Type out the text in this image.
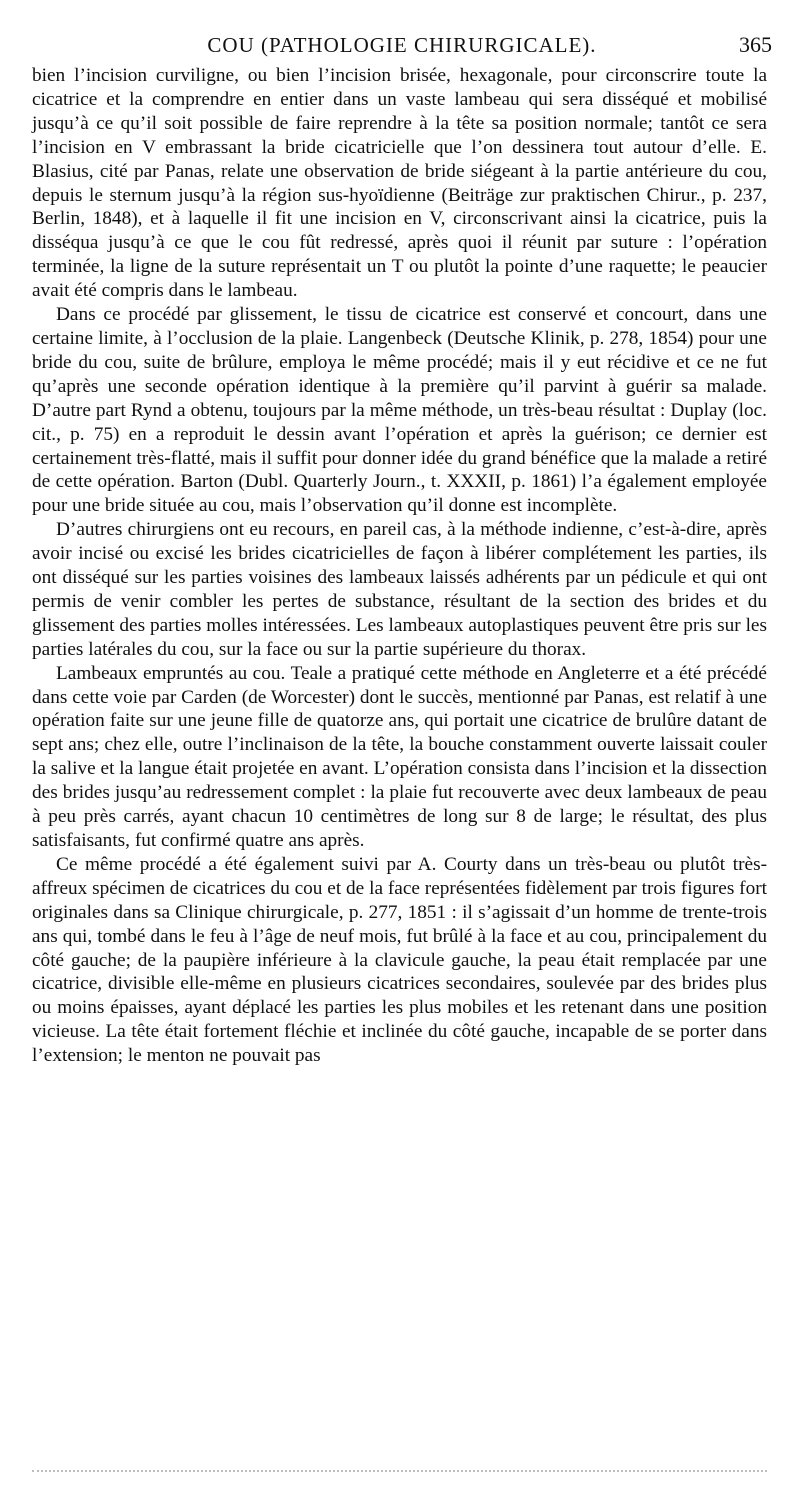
COU (PATHOLOGIE CHIRURGICALE).	365

bien l’incision curviligne, ou bien l’incision brisée, hexagonale, pour circonscrire toute la cicatrice et la comprendre en entier dans un vaste lambeau qui sera disséqué et mobilisé jusqu’à ce qu’il soit possible de faire reprendre à la tête sa position normale; tantôt ce sera l’incision en V embrassant la bride cicatricielle que l’on dessinera tout autour d’elle. E. Blasius, cité par Panas, relate une observation de bride siégeant à la partie antérieure du cou, depuis le sternum jusqu’à la région sus-hyoïdienne (Beiträge zur praktischen Chirur., p. 237, Berlin, 1848), et à laquelle il fit une incision en V, circonscrivant ainsi la cicatrice, puis la disséqua jusqu’à ce que le cou fût redressé, après quoi il réunit par suture : l’opération terminée, la ligne de la suture représentait un T ou plutôt la pointe d’une raquette; le peaucier avait été compris dans le lambeau.

Dans ce procédé par glissement, le tissu de cicatrice est conservé et concourt, dans une certaine limite, à l’occlusion de la plaie. Langenbeck (Deutsche Klinik, p. 278, 1854) pour une bride du cou, suite de brûlure, employa le même procédé; mais il y eut récidive et ce ne fut qu’après une seconde opération identique à la première qu’il parvint à guérir sa malade. D’autre part Rynd a obtenu, toujours par la même méthode, un très-beau résultat : Duplay (loc. cit., p. 75) en a reproduit le dessin avant l’opération et après la guérison; ce dernier est certainement très-flatté, mais il suffit pour donner idée du grand bénéfice que la malade a retiré de cette opération. Barton (Dubl. Quarterly Journ., t. XXXII, p. 1861) l’a également employée pour une bride située au cou, mais l’observation qu’il donne est incomplète.

D’autres chirurgiens ont eu recours, en pareil cas, à la méthode indienne, c’est-à-dire, après avoir incisé ou excisé les brides cicatricielles de façon à libérer complétement les parties, ils ont disséqué sur les parties voisines des lambeaux laissés adhérents par un pédicule et qui ont permis de venir combler les pertes de substance, résultant de la section des brides et du glissement des parties molles intéressées. Les lambeaux autoplastiques peuvent être pris sur les parties latérales du cou, sur la face ou sur la partie supérieure du thorax.

Lambeaux empruntés au cou. Teale a pratiqué cette méthode en Angleterre et a été précédé dans cette voie par Carden (de Worcester) dont le succès, mentionné par Panas, est relatif à une opération faite sur une jeune fille de quatorze ans, qui portait une cicatrice de brulûre datant de sept ans; chez elle, outre l’inclinaison de la tête, la bouche constamment ouverte laissait couler la salive et la langue était projetée en avant. L’opération consista dans l’incision et la dissection des brides jusqu’au redressement complet : la plaie fut recouverte avec deux lambeaux de peau à peu près carrés, ayant chacun 10 centimètres de long sur 8 de large; le résultat, des plus satisfaisants, fut confirmé quatre ans après.

Ce même procédé a été également suivi par A. Courty dans un très-beau ou plutôt très-affreux spécimen de cicatrices du cou et de la face représentées fidèlement par trois figures fort originales dans sa Clinique chirurgicale, p. 277, 1851 : il s’agissait d’un homme de trente-trois ans qui, tombé dans le feu à l’âge de neuf mois, fut brûlé à la face et au cou, principalement du côté gauche; de la paupière inférieure à la clavicule gauche, la peau était remplacée par une cicatrice, divisible elle-même en plusieurs cicatrices secondaires, soulevée par des brides plus ou moins épaisses, ayant déplacé les parties les plus mobiles et les retenant dans une position vicieuse. La tête était fortement fléchie et inclinée du côté gauche, incapable de se porter dans l’extension; le menton ne pouvait pas
